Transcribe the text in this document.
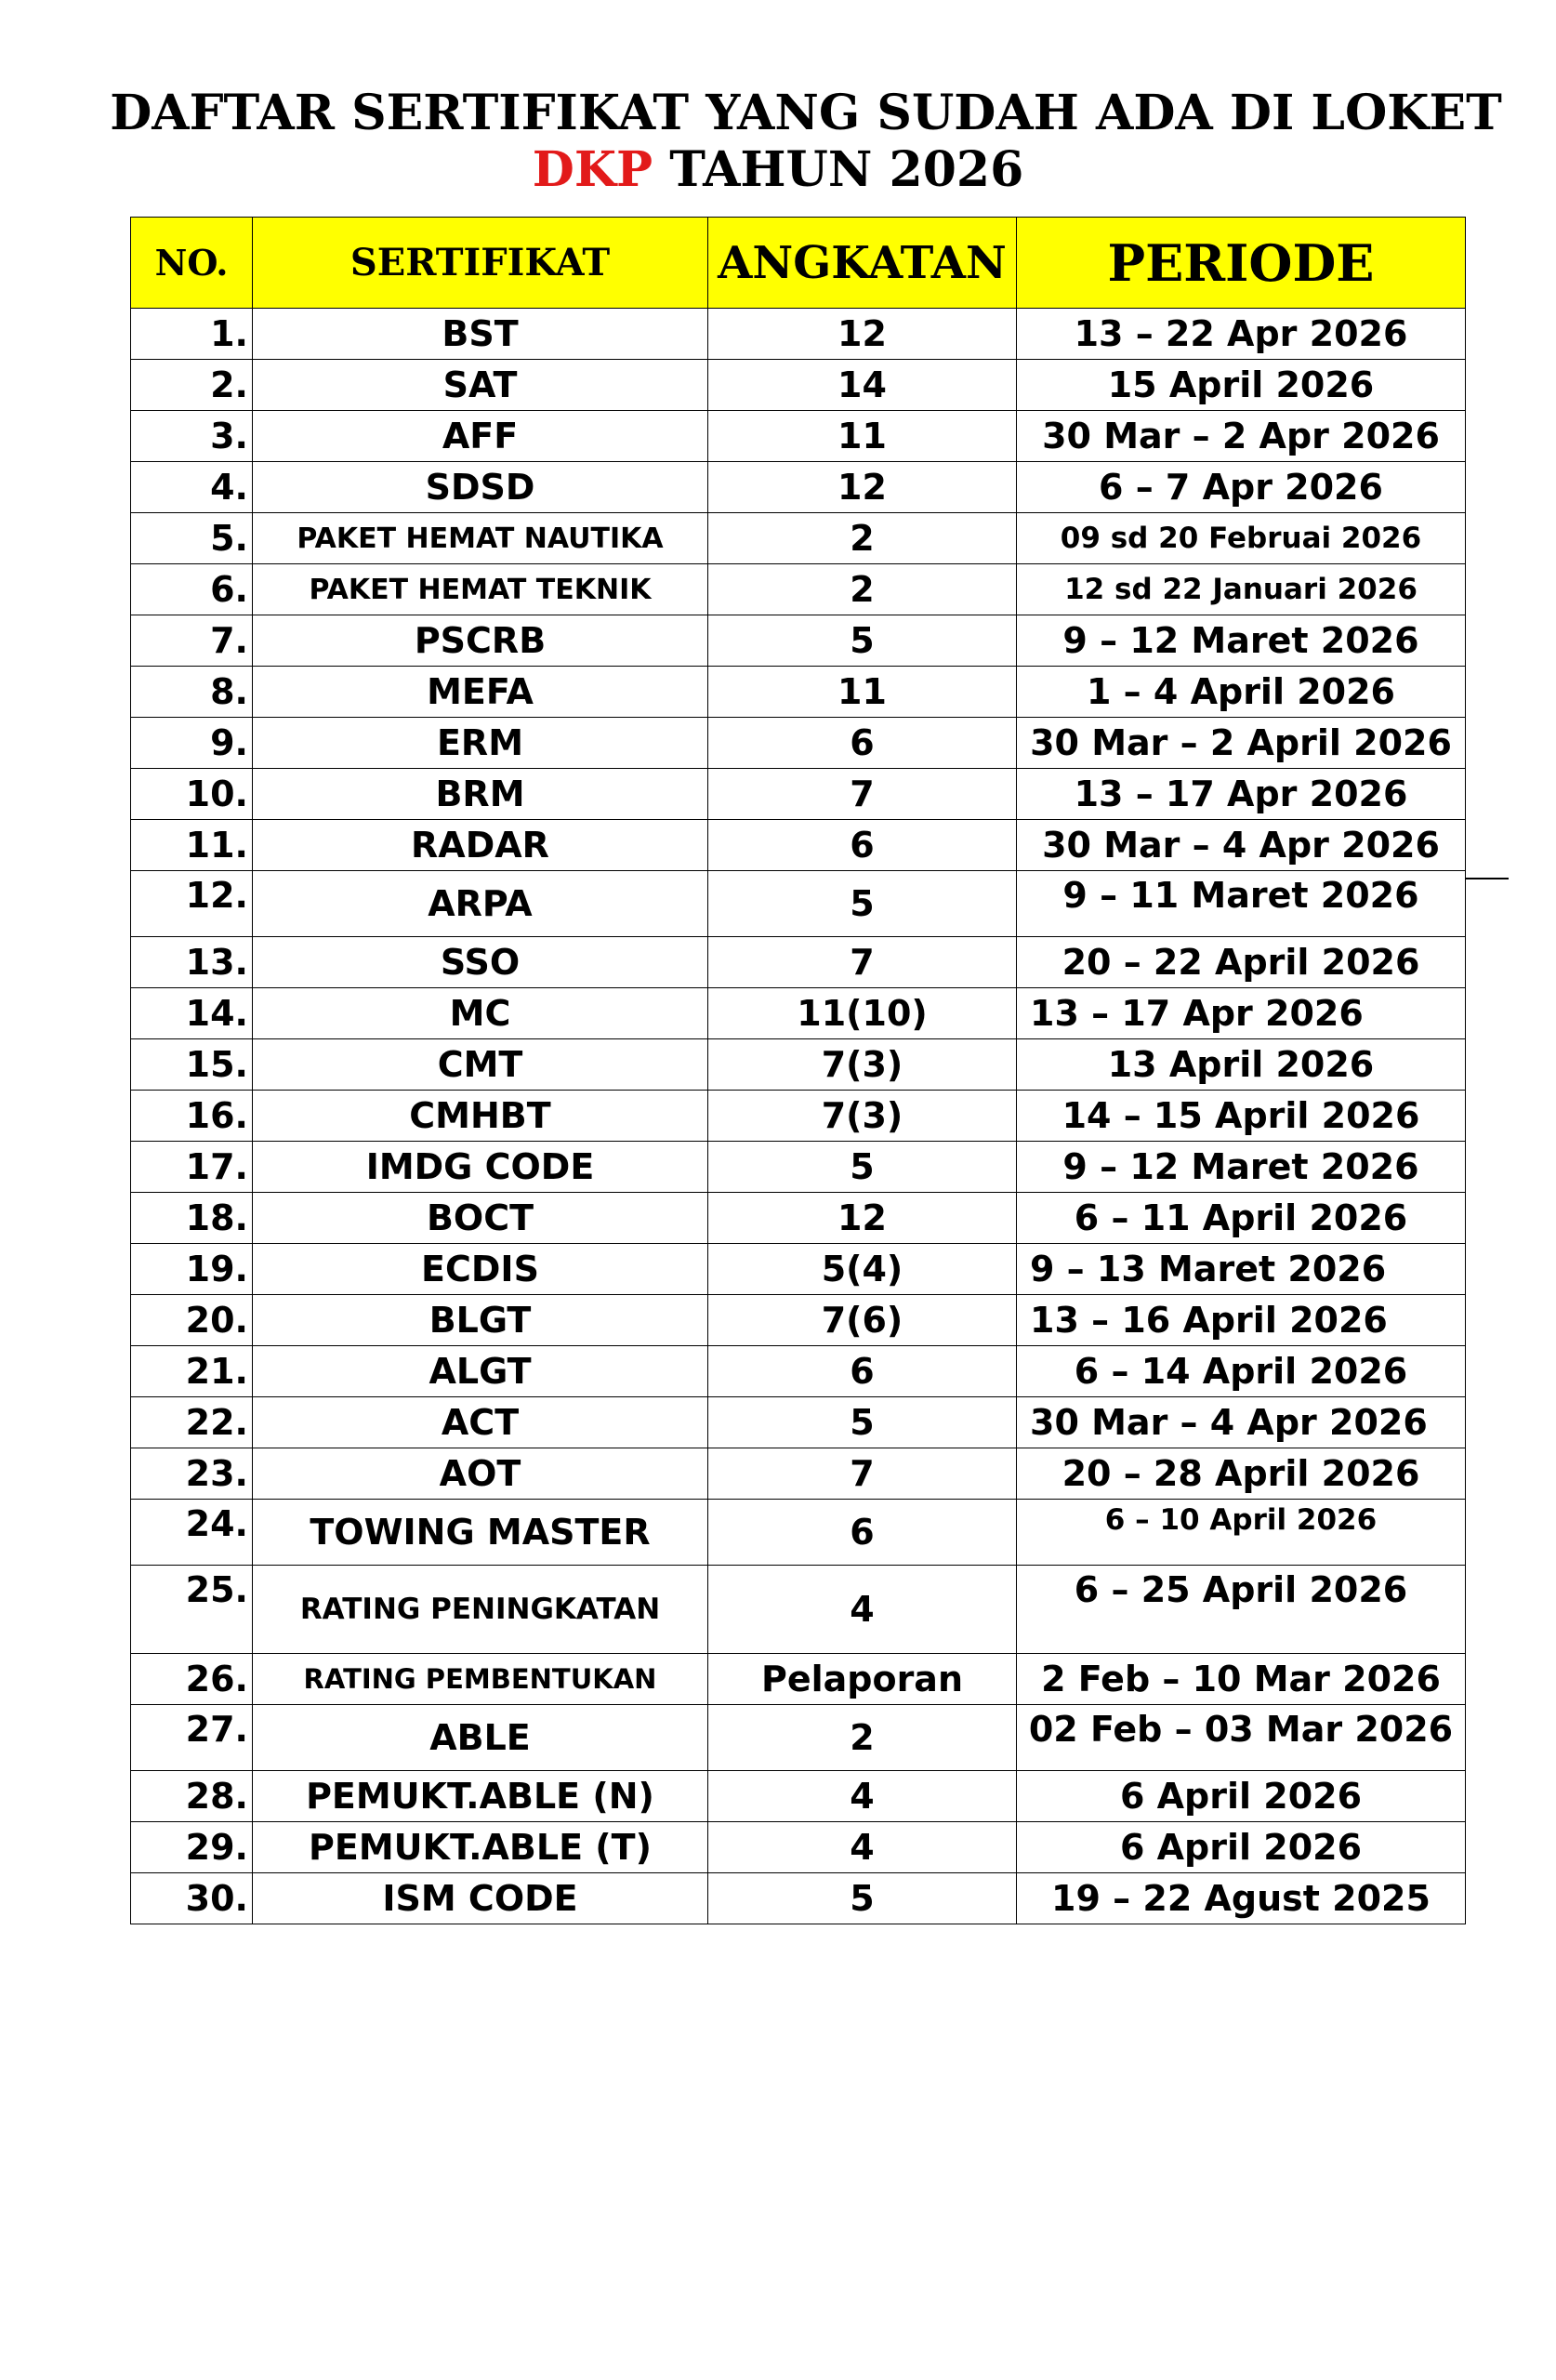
DAFTAR SERTIFIKAT YANG SUDAH ADA DI LOKET
DKP TAHUN 2026
NO.	SERTIFIKAT	ANGKATAN	PERIODE
1.	BST	12	13 – 22 Apr 2026
2.	SAT	14	15 April 2026
3.	AFF	11	30 Mar – 2 Apr 2026
4.	SDSD	12	6 – 7 Apr 2026
5.	PAKET HEMAT NAUTIKA	2	09 sd 20 Februai 2026
6.	PAKET HEMAT TEKNIK	2	12 sd 22 Januari 2026
7.	PSCRB	5	9 – 12 Maret 2026
8.	MEFA	11	1 – 4 April 2026
9.	ERM	6	30 Mar – 2 April 2026
10.	BRM	7	13 – 17 Apr 2026
11.	RADAR	6	30 Mar – 4 Apr 2026
12.	ARPA	5	9 – 11 Maret 2026
13.	SSO	7	20 – 22 April 2026
14.	MC	11(10)	13 – 17 Apr 2026
15.	CMT	7(3)	13 April 2026
16.	CMHBT	7(3)	14 – 15 April 2026
17.	IMDG CODE	5	9 – 12 Maret 2026
18.	BOCT	12	6 – 11 April 2026
19.	ECDIS	5(4)	9 – 13 Maret 2026
20.	BLGT	7(6)	13 – 16 April 2026
21.	ALGT	6	6 – 14 April 2026
22.	ACT	5	30 Mar – 4 Apr 2026
23.	AOT	7	20 – 28 April 2026
24.	TOWING MASTER	6	6 – 10 April 2026
25.	RATING PENINGKATAN	4	6 – 25 April 2026
26.	RATING PEMBENTUKAN	Pelaporan	2 Feb – 10 Mar 2026
27.	ABLE	2	02 Feb – 03 Mar 2026
28.	PEMUKT.ABLE (N)	4	6 April 2026
29.	PEMUKT.ABLE (T)	4	6 April 2026
30.	ISM CODE	5	19 – 22 Agust 2025
